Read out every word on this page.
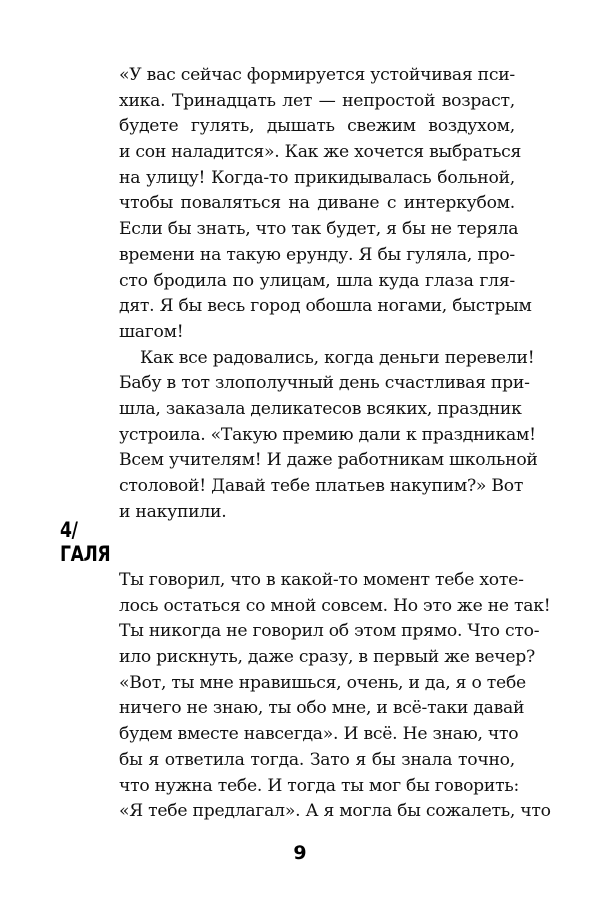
«У вас сейчас формируется устойчивая пси-
хика. Тринадцать лет — непростой возраст,
будете гулять, дышать свежим воздухом,
и сон наладится». Как же хочется выбраться
на улицу! Когда-то прикидывалась больной,
чтобы поваляться на диване с интеркубом.
Если бы знать, что так будет, я бы не теряла
времени на такую ерунду. Я бы гуляла, про-
сто бродила по улицам, шла куда глаза гля-
дят. Я бы весь город обошла ногами, быстрым
шагом!
Как все радовались, когда деньги перевели!
Бабу в тот злополучный день счастливая при-
шла, заказала деликатесов всяких, праздник
устроила. «Такую премию дали к праздникам!
Всем учителям! И даже работникам школьной
столовой! Давай тебе платьев накупим?» Вот
и накупили.
4/
ГАЛЯ
Ты говорил, что в какой-то момент тебе хоте-
лось остаться со мной совсем. Но это же не так!
Ты никогда не говорил об этом прямо. Что сто-
ило рискнуть, даже сразу, в первый же вечер?
«Вот, ты мне нравишься, очень, и да, я о тебе
ничего не знаю, ты обо мне, и всё-таки давай
будем вместе навсегда». И всё. Не знаю, что
бы я ответила тогда. Зато я бы знала точно,
что нужна тебе. И тогда ты мог бы говорить:
«Я тебе предлагал». А я могла бы сожалеть, что
9
